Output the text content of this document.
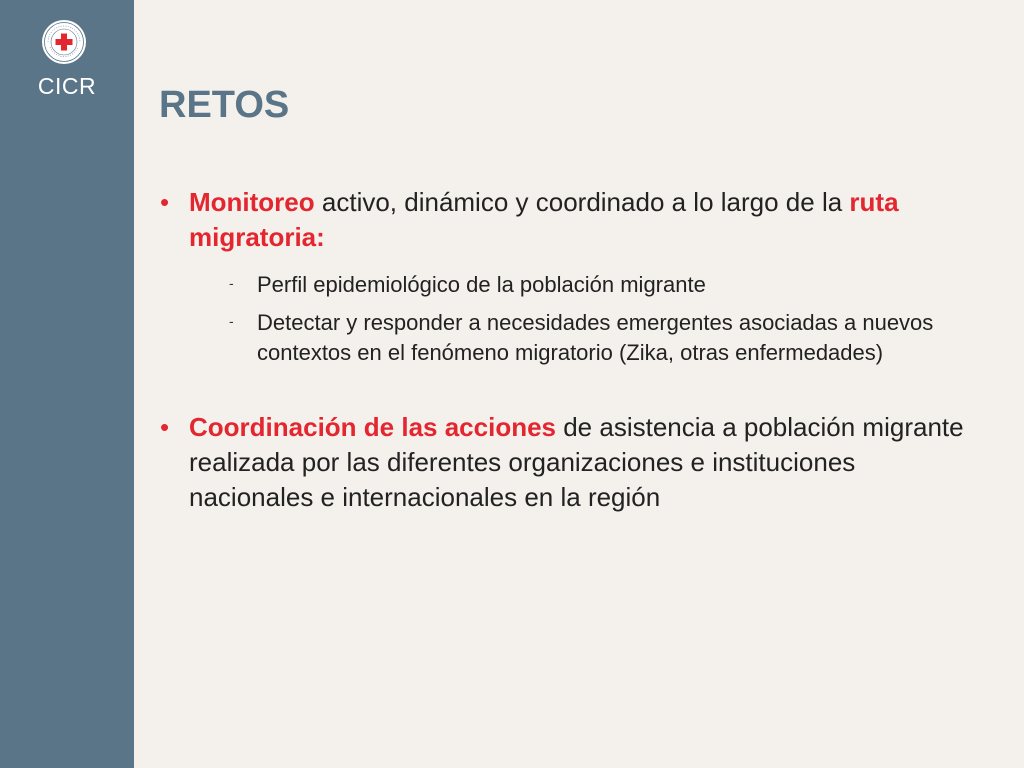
CICR	RETOS
• Monitoreo activo, dinámico y coordinado a lo largo de la ruta migratoria:
- Perfil epidemiológico de la población migrante
- Detectar y responder a necesidades emergentes asociadas a nuevos contextos en el fenómeno migratorio (Zika, otras enfermedades)
• Coordinación de las acciones de asistencia a población migrante realizada por las diferentes organizaciones e instituciones nacionales e internacionales en la región
